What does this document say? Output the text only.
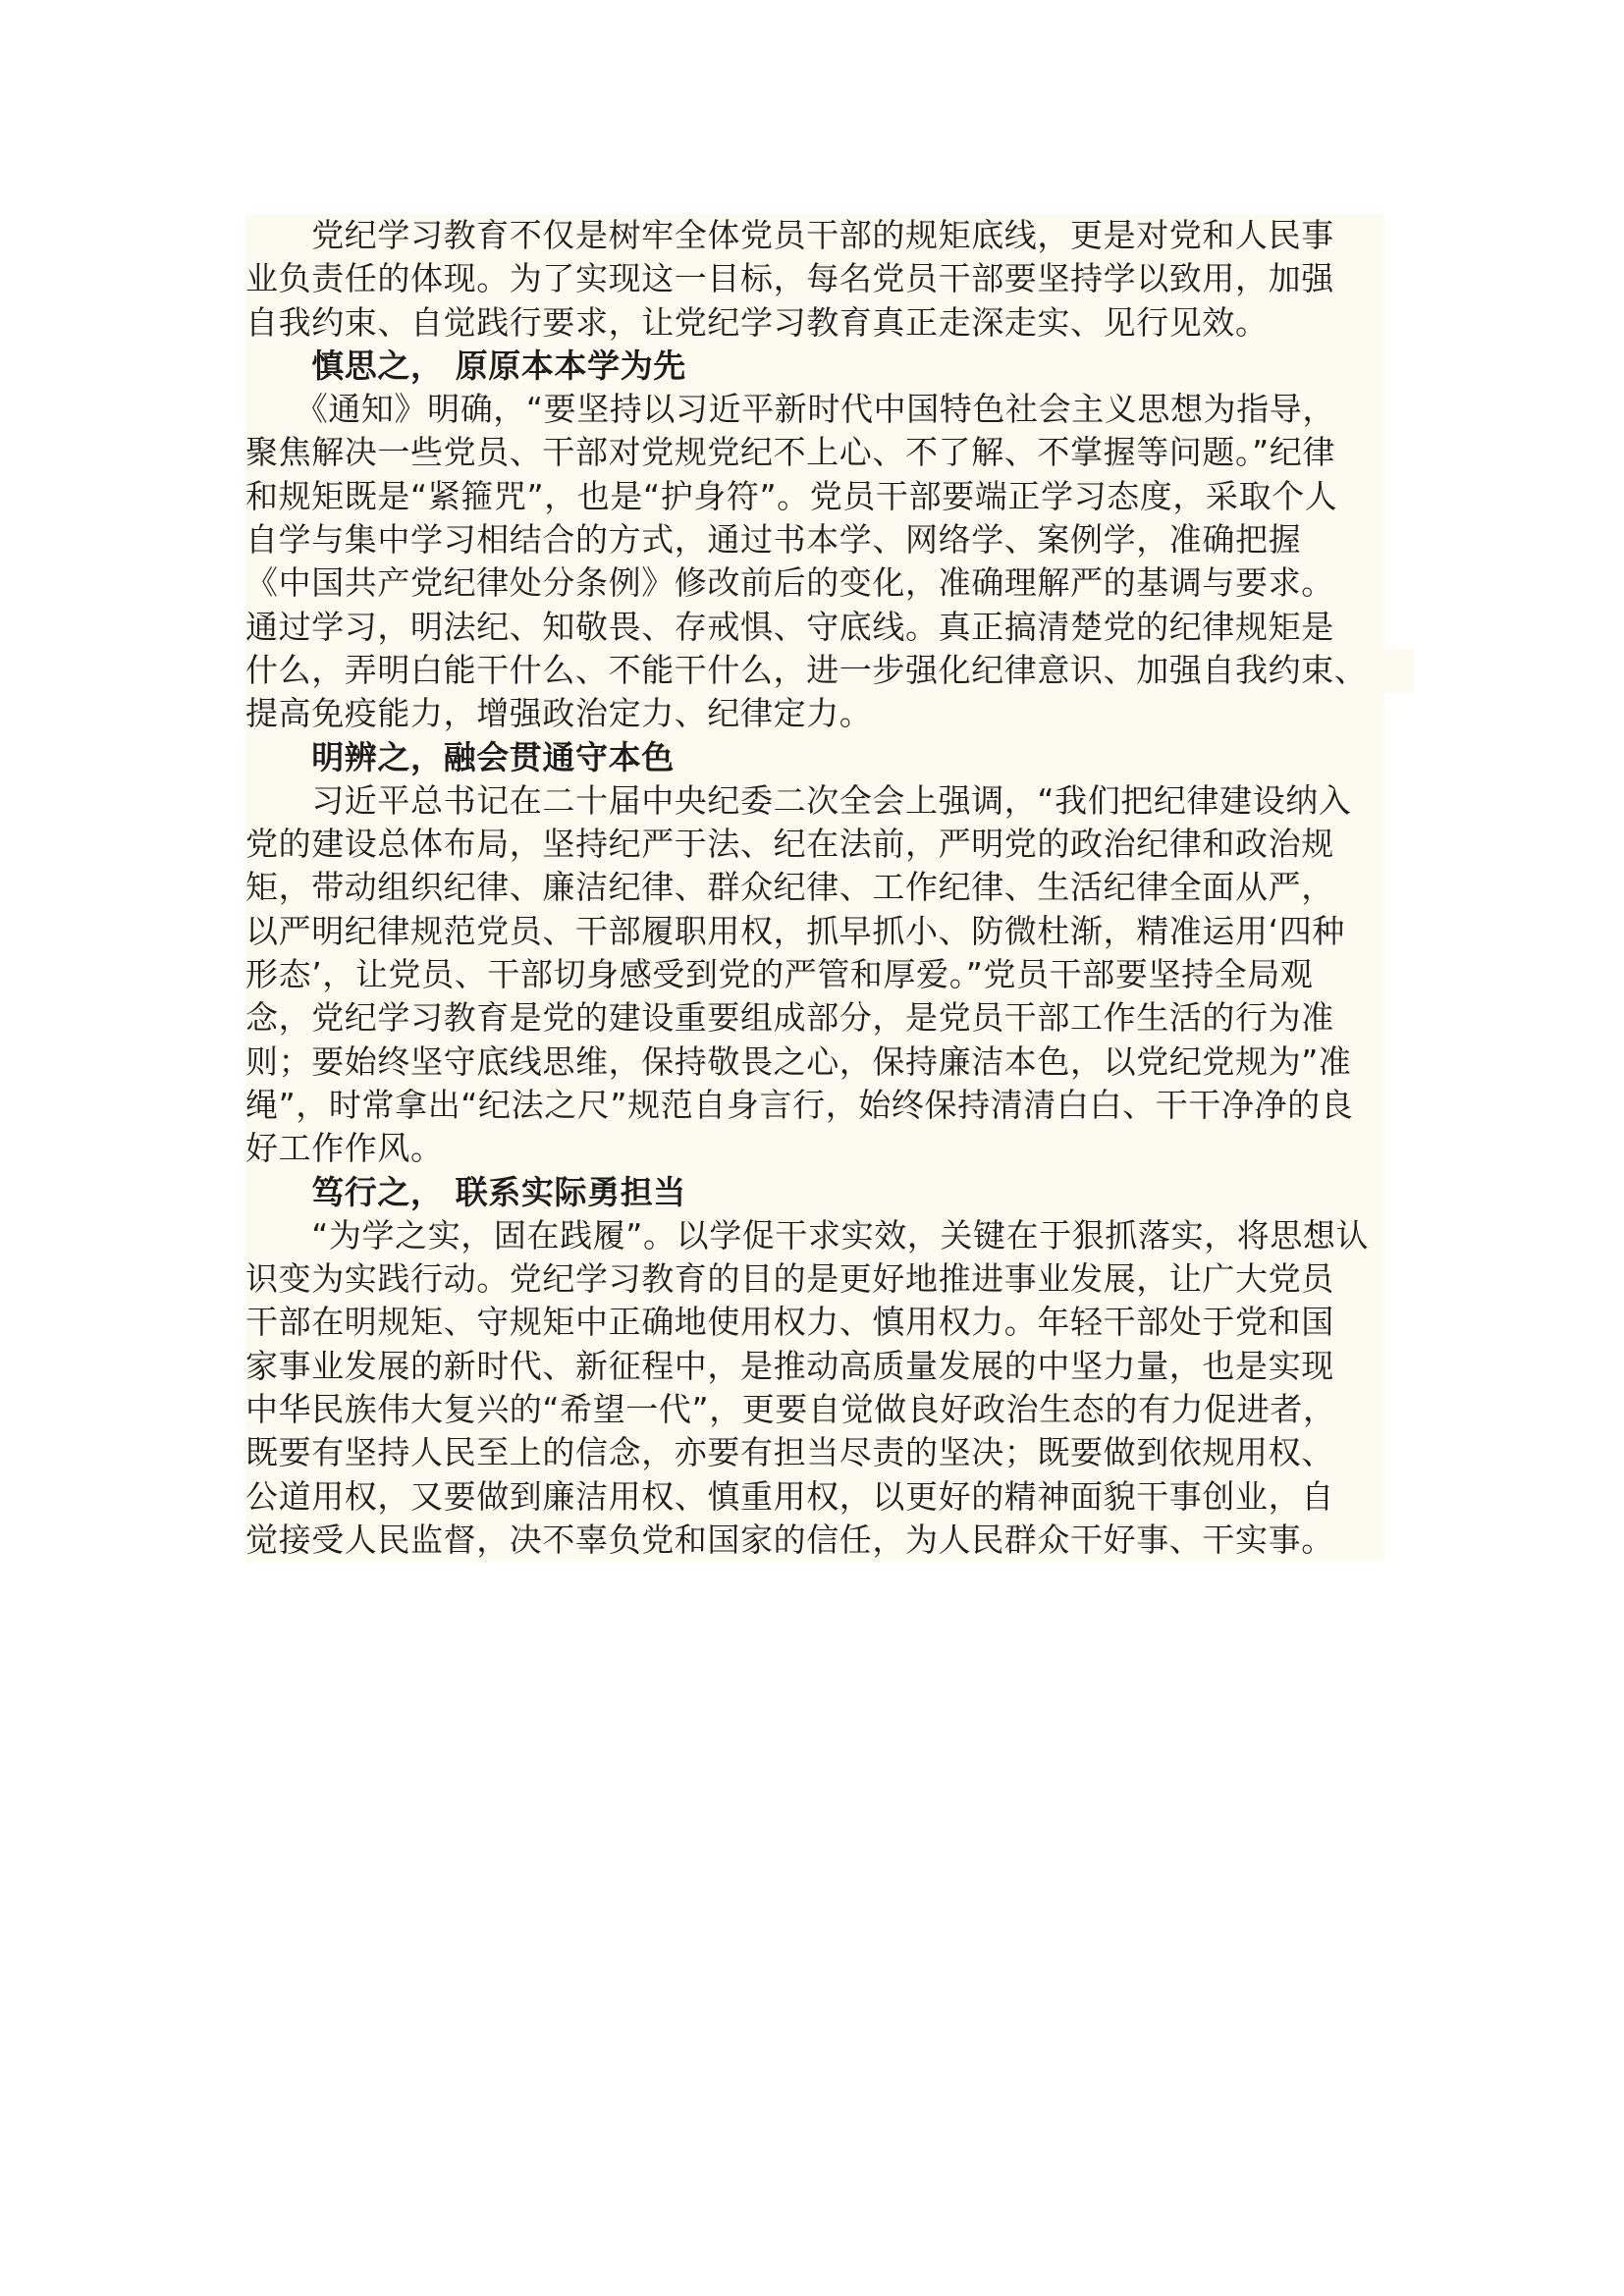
　　党纪学习教育不仅是树牢全体党员干部的规矩底线，更是对党和人民事
业负责任的体现。为了实现这一目标，每名党员干部要坚持学以致用，加强
自我约束、自觉践行要求，让党纪学习教育真正走深走实、见行见效。
　　慎思之， 原原本本学为先
　　《通知》明确，“要坚持以习近平新时代中国特色社会主义思想为指导，
聚焦解决一些党员、干部对党规党纪不上心、不了解、不掌握等问题。”纪律
和规矩既是“紧箍咒”，也是“护身符”。党员干部要端正学习态度，采取个人
自学与集中学习相结合的方式，通过书本学、网络学、案例学，准确把握
《中国共产党纪律处分条例》修改前后的变化，准确理解严的基调与要求。
通过学习，明法纪、知敬畏、存戒惧、守底线。真正搞清楚党的纪律规矩是
什么，弄明白能干什么、不能干什么，进一步强化纪律意识、加强自我约束、
提高免疫能力，增强政治定力、纪律定力。
　　明辨之，融会贯通守本色
　　习近平总书记在二十届中央纪委二次全会上强调，“我们把纪律建设纳入
党的建设总体布局，坚持纪严于法、纪在法前，严明党的政治纪律和政治规
矩，带动组织纪律、廉洁纪律、群众纪律、工作纪律、生活纪律全面从严，
以严明纪律规范党员、干部履职用权，抓早抓小、防微杜渐，精准运用‘四种
形态’，让党员、干部切身感受到党的严管和厚爱。”党员干部要坚持全局观
念，党纪学习教育是党的建设重要组成部分，是党员干部工作生活的行为准
则；要始终坚守底线思维，保持敬畏之心，保持廉洁本色，以党纪党规为”准
绳”，时常拿出“纪法之尺”规范自身言行，始终保持清清白白、干干净净的良
好工作作风。
　　笃行之， 联系实际勇担当
　　“为学之实，固在践履”。以学促干求实效，关键在于狠抓落实，将思想认
识变为实践行动。党纪学习教育的目的是更好地推进事业发展，让广大党员
干部在明规矩、守规矩中正确地使用权力、慎用权力。年轻干部处于党和国
家事业发展的新时代、新征程中，是推动高质量发展的中坚力量，也是实现
中华民族伟大复兴的“希望一代”，更要自觉做良好政治生态的有力促进者，
既要有坚持人民至上的信念，亦要有担当尽责的坚决；既要做到依规用权、
公道用权，又要做到廉洁用权、慎重用权，以更好的精神面貌干事创业，自
觉接受人民监督，决不辜负党和国家的信任，为人民群众干好事、干实事。
